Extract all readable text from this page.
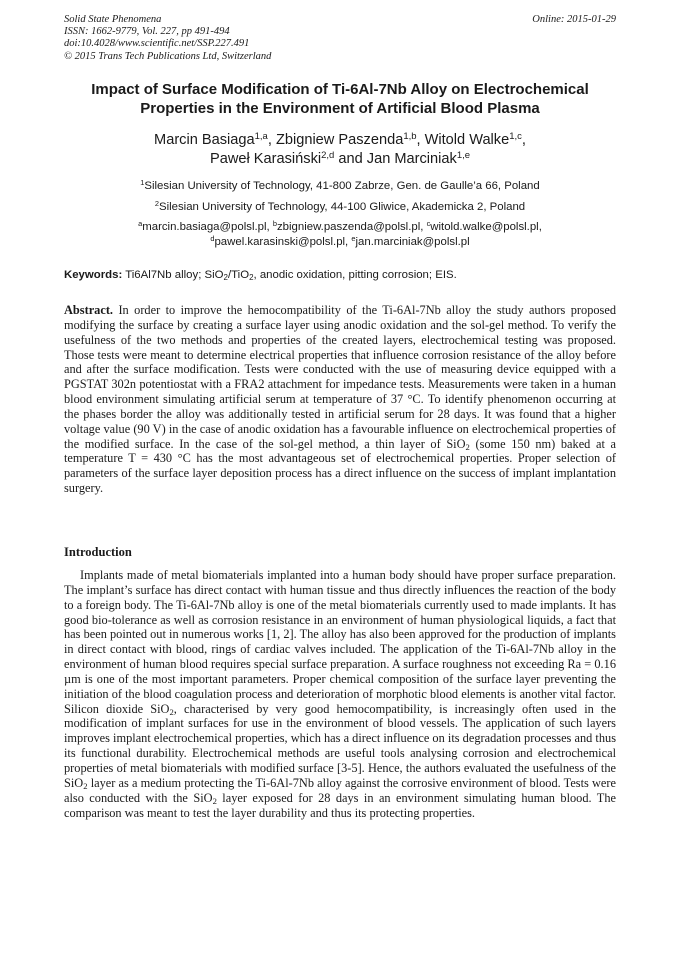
Solid State Phenomena
ISSN: 1662-9779, Vol. 227, pp 491-494
doi:10.4028/www.scientific.net/SSP.227.491
© 2015 Trans Tech Publications Ltd, Switzerland
Online: 2015-01-29
Impact of Surface Modification of Ti-6Al-7Nb Alloy on Electrochemical
Properties in the Environment of Artificial Blood Plasma
Marcin Basiaga$^{1,a}$, Zbigniew Paszenda$^{1,b}$, Witold Walke$^{1,c}$,
Paweł Karasiński$^{2,d}$ and Jan Marciniak$^{1,e}$
$^1$Silesian University of Technology, 41-800 Zabrze, Gen. de Gaulle’a 66, Poland
$^2$Silesian University of Technology, 44-100 Gliwice, Akademicka 2, Poland
$^a$marcin.basiaga@polsl.pl, $^b$zbigniew.paszenda@polsl.pl, $^c$witold.walke@polsl.pl,
$^d$pawel.karasinski@polsl.pl, $^e$jan.marciniak@polsl.pl
Keywords: Ti6Al7Nb alloy; SiO$_2$/TiO$_2$, anodic oxidation, pitting corrosion; EIS.
Abstract. In order to improve the hemocompatibility of the Ti-6Al-7Nb alloy the study authors proposed modifying the surface by creating a surface layer using anodic oxidation and the sol-gel method. To verify the usefulness of the two methods and properties of the created layers, electrochemical testing was proposed. Those tests were meant to determine electrical properties that influence corrosion resistance of the alloy before and after the surface modification. Tests were conducted with the use of measuring device equipped with a PGSTAT 302n potentiostat with a FRA2 attachment for impedance tests. Measurements were taken in a human blood environment simulating artificial serum at temperature of 37 °C. To identify phenomenon occurring at the phases border the alloy was additionally tested in artificial serum for 28 days. It was found that a higher voltage value (90 V) in the case of anodic oxidation has a favourable influence on electrochemical properties of the modified surface. In the case of the sol-gel method, a thin layer of SiO$_2$ (some 150 nm) baked at a temperature T = 430 °C has the most advantageous set of electrochemical properties. Proper selection of parameters of the surface layer deposition process has a direct influence on the success of implant implantation surgery.
Introduction
Implants made of metal biomaterials implanted into a human body should have proper surface preparation. The implant’s surface has direct contact with human tissue and thus directly influences the reaction of the body to a foreign body. The Ti-6Al-7Nb alloy is one of the metal biomaterials currently used to made implants. It has good bio-tolerance as well as corrosion resistance in an environment of human physiological liquids, a fact that has been pointed out in numerous works [1, 2]. The alloy has also been approved for the production of implants in direct contact with blood, rings of cardiac valves included. The application of the Ti-6Al-7Nb alloy in the environment of human blood requires special surface preparation. A surface roughness not exceeding Ra = 0.16 µm is one of the most important parameters. Proper chemical composition of the surface layer preventing the initiation of the blood coagulation process and deterioration of morphotic blood elements is another vital factor. Silicon dioxide SiO$_2$, characterised by very good hemocompatibility, is increasingly often used in the modification of implant surfaces for use in the environment of blood vessels. The application of such layers improves implant electrochemical properties, which has a direct influence on its degradation processes and thus its functional durability. Electrochemical methods are useful tools analysing corrosion and electrochemical properties of metal biomaterials with modified surface [3-5]. Hence, the authors evaluated the usefulness of the SiO$_2$ layer as a medium protecting the Ti-6Al-7Nb alloy against the corrosive environment of blood. Tests were also conducted with the SiO$_2$ layer exposed for 28 days in an environment simulating human blood. The comparison was meant to test the layer durability and thus its protecting properties.
